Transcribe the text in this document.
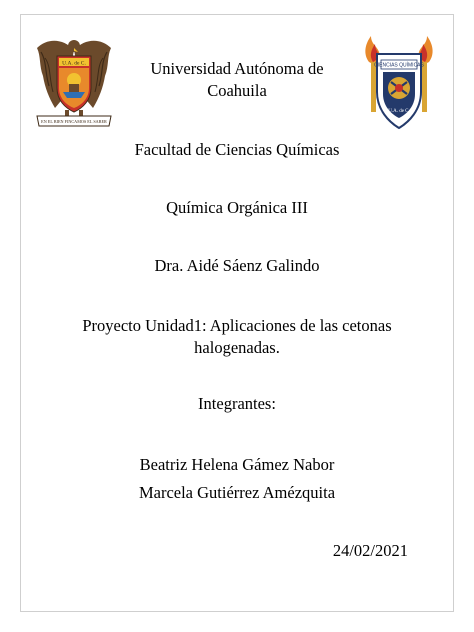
U.A. de C.
EN EL BIEN FINCAMOS EL SABER
CIENCIAS QUÍMICAS
U.A. de C.
Universidad Autónoma de Coahuila
Facultad de Ciencias Químicas
Química Orgánica III
Dra. Aidé Sáenz Galindo
Proyecto Unidad1: Aplicaciones de las cetonas halogenadas.
Integrantes:
Beatriz Helena Gámez Nabor
Marcela Gutiérrez Amézquita
24/02/2021
